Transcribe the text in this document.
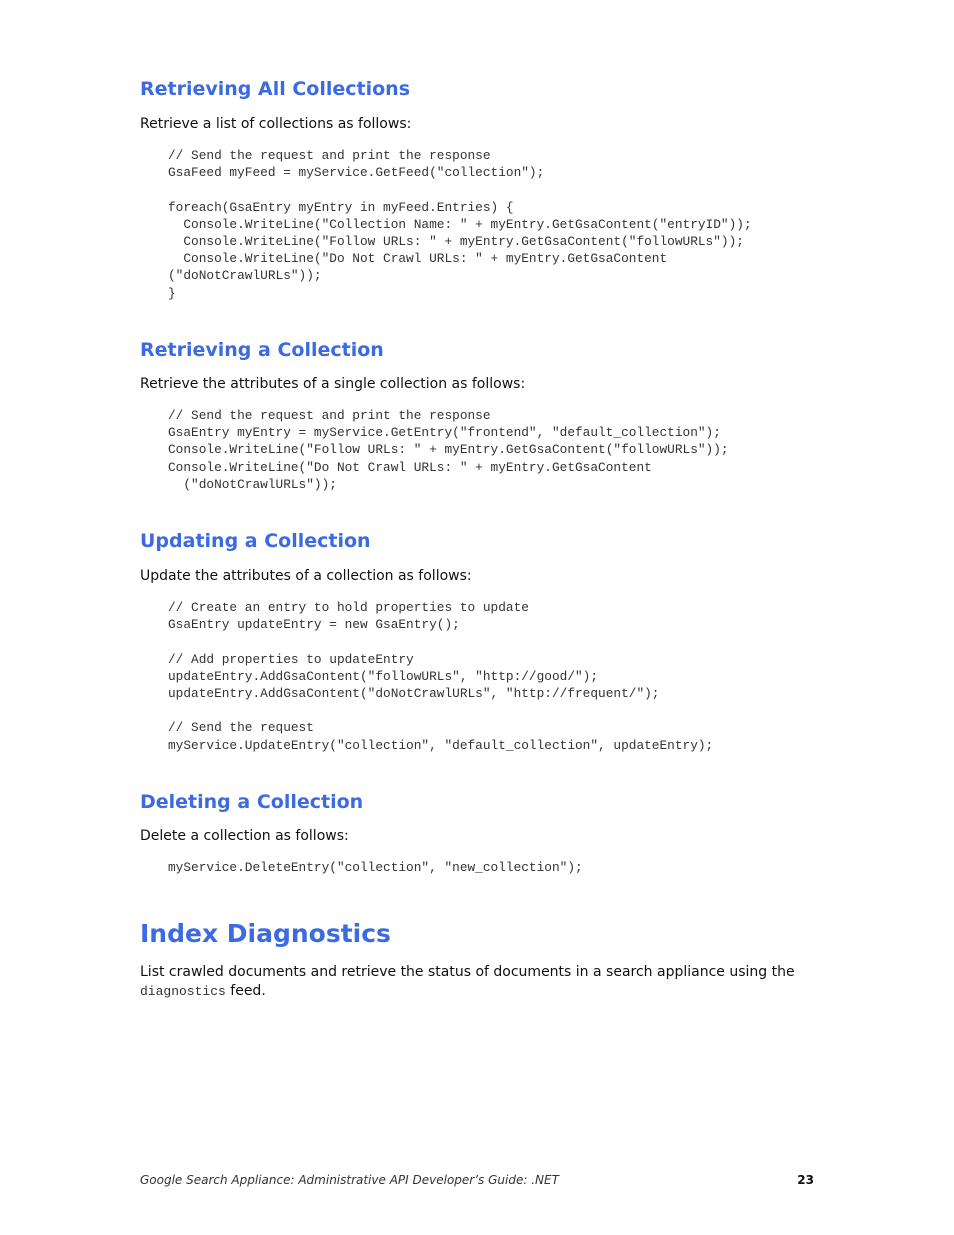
Retrieving All Collections

Retrieve a list of collections as follows:

// Send the request and print the response
GsaFeed myFeed = myService.GetFeed("collection");
foreach(GsaEntry myEntry in myFeed.Entries) {
Console.WriteLine("Collection Name: " + myEntry.GetGsaContent("entryID"));
Console.WriteLine("Follow URLs: " + myEntry.GetGsaContent("followURLs"));
Console.WriteLine("Do Not Crawl URLs: " + myEntry.GetGsaContent
("doNotCrawlURLs"));
}
Retrieving a Collection

Retrieve the attributes of a single collection as follows:

// Send the request and print the response
GsaEntry myEntry = myService.GetEntry("frontend", "default_collection");
Console.WriteLine("Follow URLs: " + myEntry.GetGsaContent("followURLs"));
Console.WriteLine("Do Not Crawl URLs: " + myEntry.GetGsaContent
("doNotCrawlURLs"));
Updating a Collection

Update the attributes of a collection as follows:

// Create an entry to hold properties to update
GsaEntry updateEntry = new GsaEntry();
// Add properties to updateEntry
updateEntry.AddGsaContent("followURLs", "http://good/");
updateEntry.AddGsaContent("doNotCrawlURLs", "http://frequent/");
// Send the request
myService.UpdateEntry("collection", "default_collection", updateEntry);
Deleting a Collection

Delete a collection as follows:

myService.DeleteEntry("collection", "new_collection");
Index Diagnostics
List crawled documents and retrieve the status of documents in a search appliance using the
diagnostics feed.

Google Search Appliance: Administrative API Developer’s Guide: .NET	23
